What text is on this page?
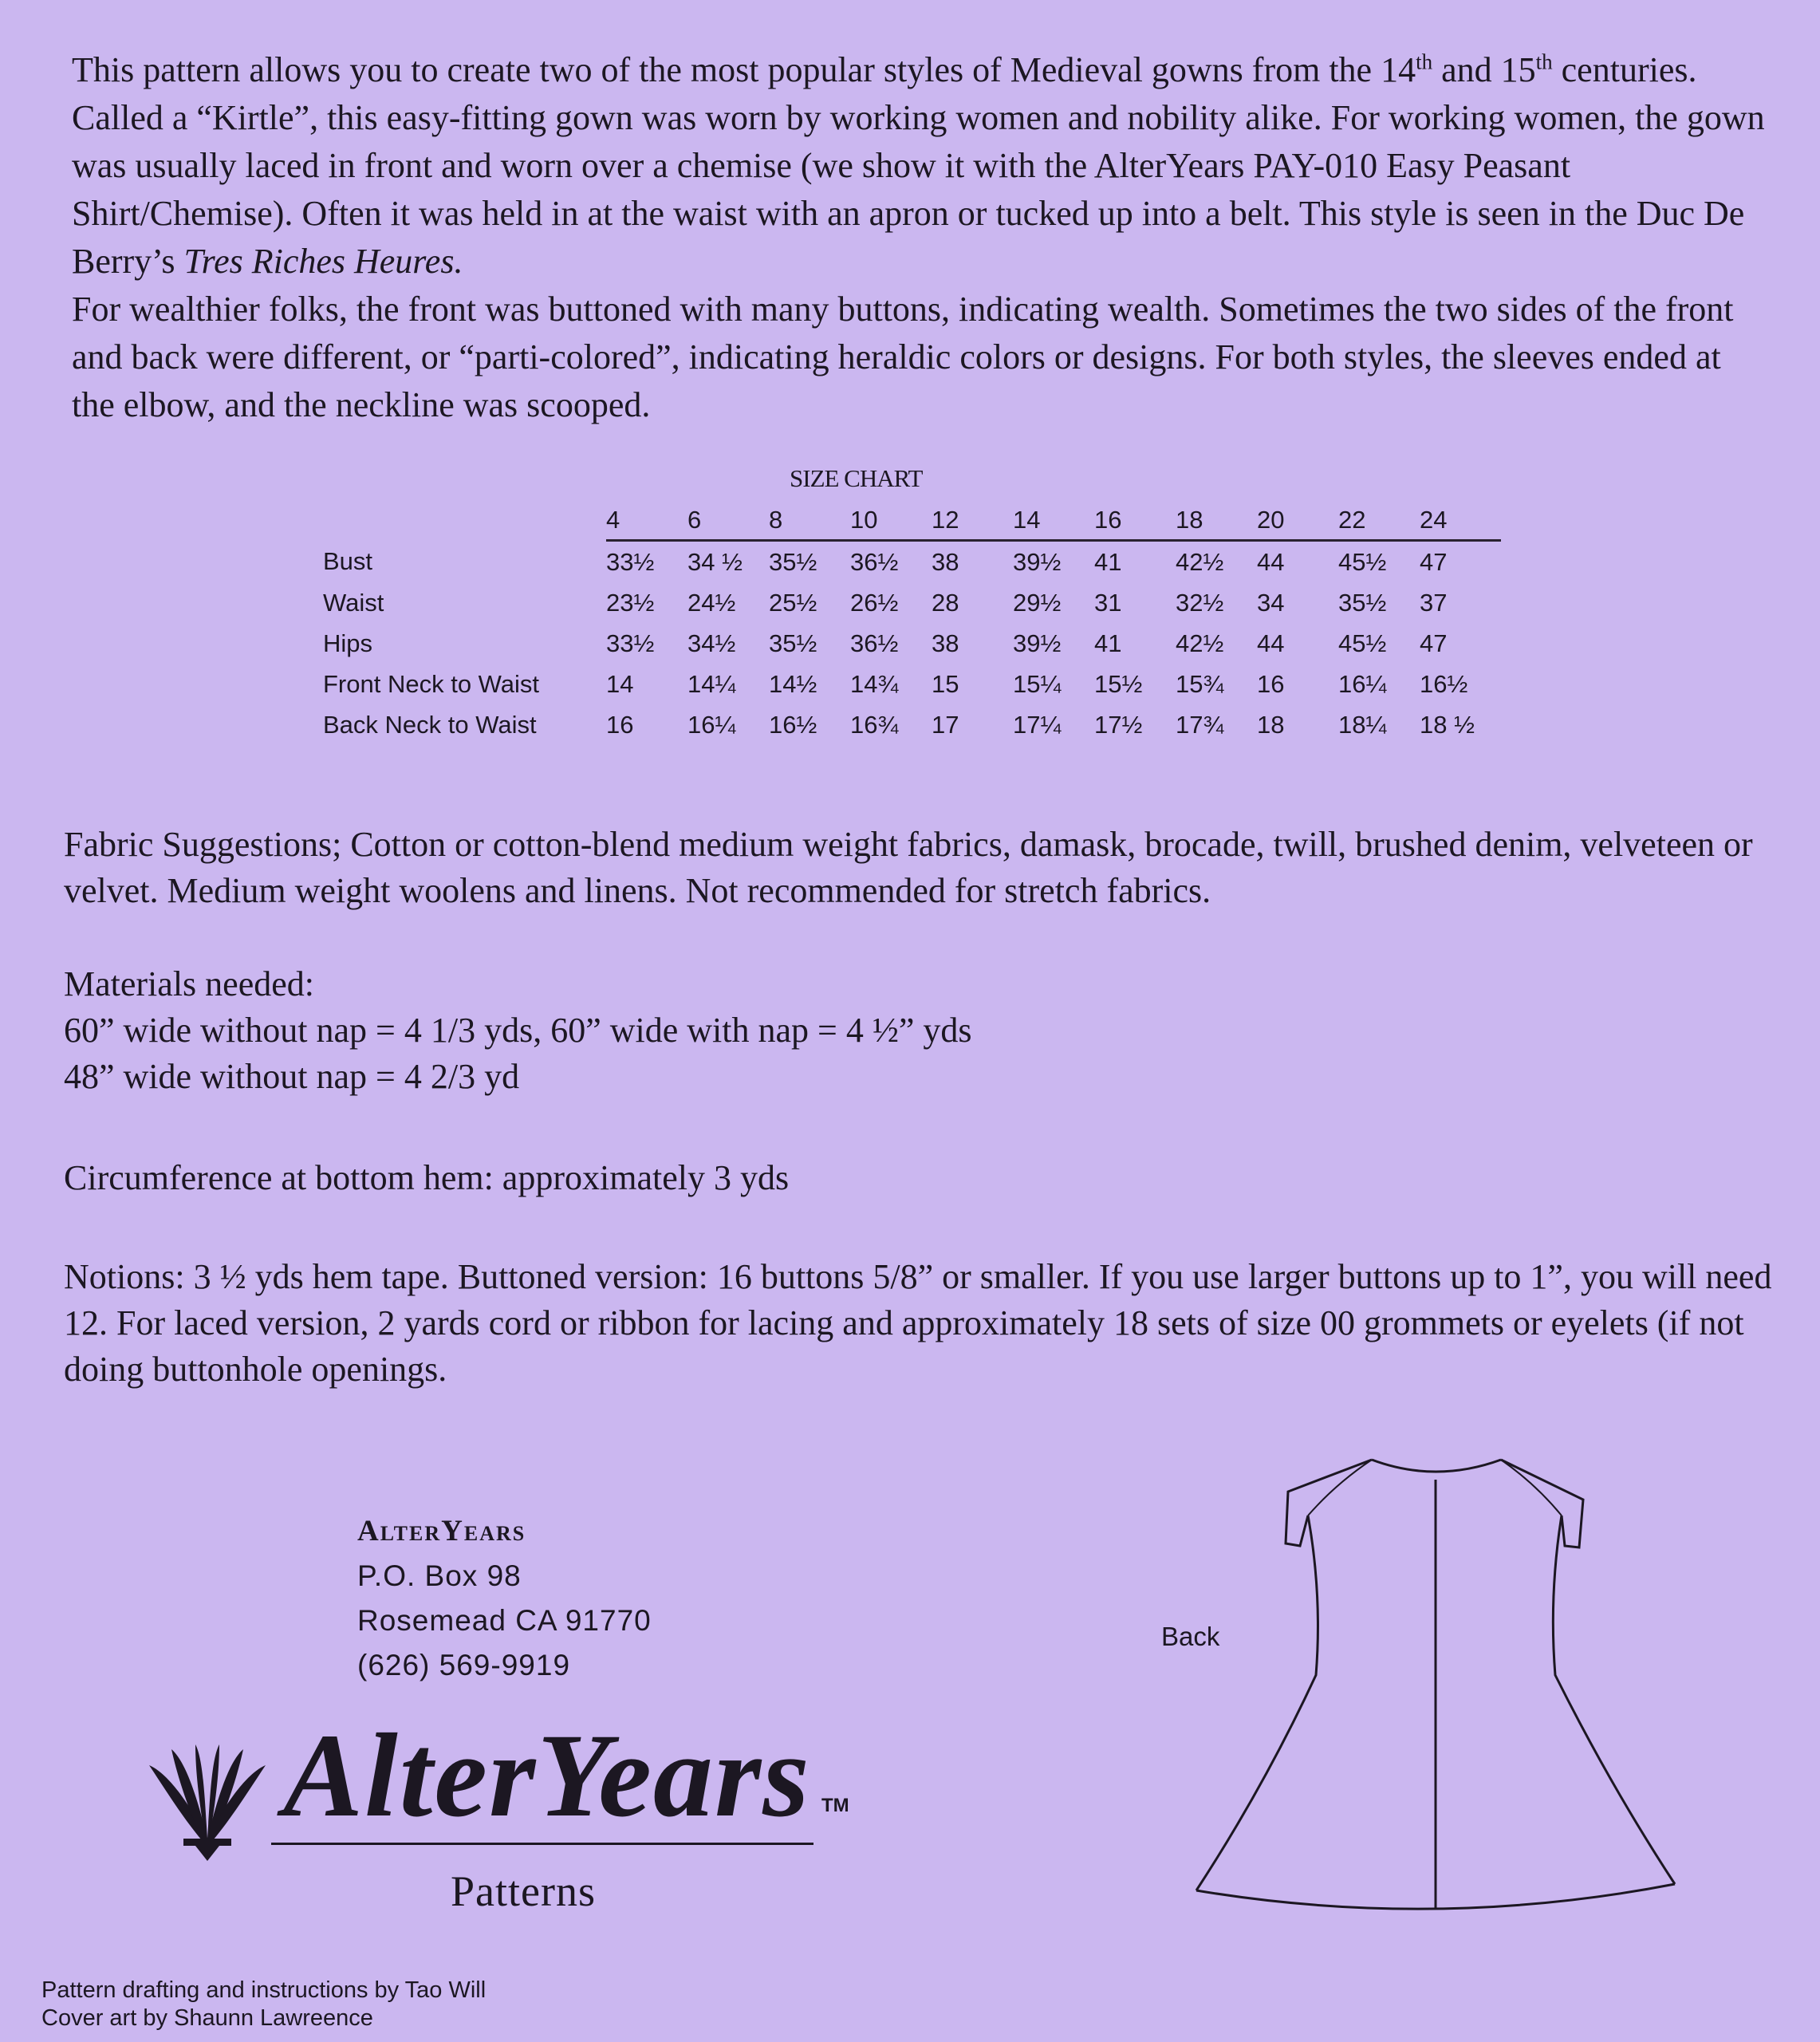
This pattern allows you to create two of the most popular styles of Medieval gowns from the 14th and 15th centuries. Called a “Kirtle”, this easy-fitting gown was worn by working women and nobility alike. For working women, the gown was usually laced in front and worn over a chemise (we show it with the AlterYears PAY-010 Easy Peasant Shirt/Chemise). Often it was held in at the waist with an apron or tucked up into a belt. This style is seen in the Duc De Berry’s Tres Riches Heures.

For wealthier folks, the front was buttoned with many buttons, indicating wealth. Sometimes the two sides of the front and back were different, or “parti-colored”, indicating heraldic colors or designs. For both styles, the sleeves ended at the elbow, and the neckline was scooped.

SIZE CHART
	4	6	8	10	12	14	16	18	20	22	24
Bust	33½	34 ½	35½	36½	38	39½	41	42½	44	45½	47
Waist	23½	24½	25½	26½	28	29½	31	32½	34	35½	37
Hips	33½	34½	35½	36½	38	39½	41	42½	44	45½	47
Front Neck to Waist	14	14¼	14½	14¾	15	15¼	15½	15¾	16	16¼	16½
Back Neck to Waist	16	16¼	16½	16¾	17	17¼	17½	17¾	18	18¼	18 ½
Fabric Suggestions; Cotton or cotton-blend medium weight fabrics, damask, brocade, twill, brushed denim, velveteen or velvet. Medium weight woolens and linens. Not recommended for stretch fabrics.

Materials needed:

60” wide without nap = 4 1/3 yds, 60” wide with nap = 4 ½” yds

48” wide without nap = 4 2/3 yd

Circumference at bottom hem: approximately 3 yds
Notions: 3 ½ yds hem tape. Buttoned version: 16 buttons 5/8” or smaller. If you use larger buttons up to 1”, you will need 12. For laced version, 2 yards cord or ribbon for lacing and approximately 18 sets of size 00 grommets or eyelets (if not doing buttonhole openings.
AlterYears
P.O. Box 98
Rosemead CA 91770
(626) 569-9919
AlterYears TM
Patterns
Back
Pattern drafting and instructions by Tao Will
Cover art by Shaunn Lawreence
